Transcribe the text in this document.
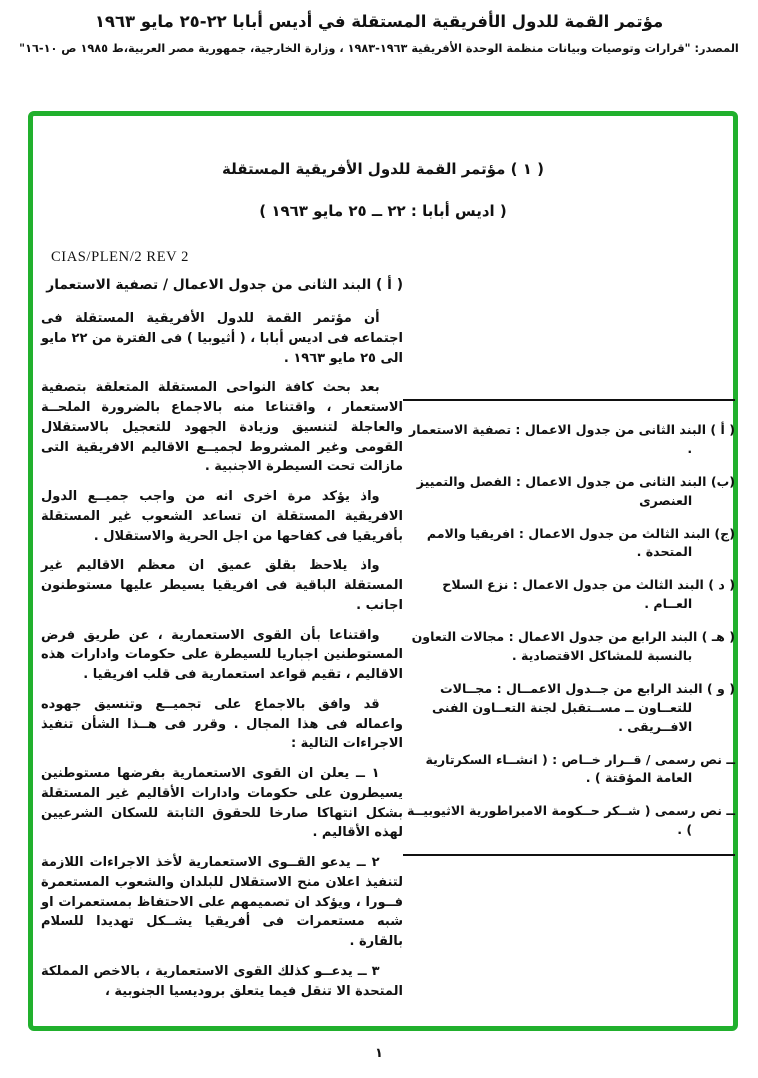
مؤتمر القمة للدول الأفريقية المستقلة في أديس أبابا ٢٢-٢٥ مايو ١٩٦٣
المصدر: "قرارات وتوصيات وبيانات منظمة الوحدة الأفريقية ١٩٦٣-١٩٨٣ ، وزارة الخارجية، جمهورية مصر العربية،ط ١٩٨٥ ص ١٠-١٦"
( ١ ) مؤتمر القمة للدول الأفريقية المستقلة
( اديس أبابا : ٢٢ ــ ٢٥ مايو ١٩٦٣ )
CIAS/PLEN/2 REV 2
( أ ) البند الثانى من جدول الاعمال / تصفية الاستعمار
أن مؤتمر القمة للدول الأفريقية المستقلة فى اجتماعه فى اديس أبابا ، ( أثيوبيا ) فى الفترة من ٢٢ مايو الى ٢٥ مايو ١٩٦٣ .
بعد بحث كافة النواحى المستقلة المتعلقة بتصفية الاستعمار ، واقتناعا منه بالاجماع بالضرورة الملحــة والعاجلة لتنسيق وزيادة الجهود للتعجيل بالاستقلال القومى وغير المشروط لجميــع الاقاليم الافريقية التى مازالت تحت السيطرة الاجنبية .
واذ يؤكد مرة اخرى انه من واجب جميــع الدول الافريقية المستقلة ان تساعد الشعوب غير المستقلة بأفريقيا فى كفاحها من اجل الحرية والاستقلال .
واذ يلاحظ بقلق عميق ان معظم الاقاليم غير المستقلة الباقية فى افريقيا يسيطر عليها مستوطنون اجانب .
واقتناعا بأن القوى الاستعمارية ، عن طريق فرض المستوطنين اجباريا للسيطرة على حكومات وادارات هذه الاقاليم ، تقيم قواعد استعمارية فى قلب افريقيا .
قد وافق بالاجماع على تجميــع وتنسيق جهوده واعماله فى هذا المجال . وقرر فى هــذا الشأن تنفيذ الاجراءات التالية :
١ ــ يعلن ان القوى الاستعمارية بفرضها مستوطنين يسيطرون على حكومات وادارات الأقاليم غير المستقلة بشكل انتهاكا صارخا للحقوق الثابتة للسكان الشرعيين لهذه الأقاليم .
٢ ــ يدعو القــوى الاستعمارية لأخذ الاجراءات اللازمة لتنفيذ اعلان منح الاستقلال للبلدان والشعوب المستعمرة فــورا ، ويؤكد ان تصميمهم على الاحتفاظ بمستعمرات او شبه مستعمرات فى أفريقيا يشــكل تهديدا للسلام بالقارة .
٣ ــ يدعــو كذلك القوى الاستعمارية ، بالاخص المملكة المتحدة الا تنقل فيما يتعلق بروديسيا الجنوبية ،
( أ ) البند الثانى من جدول الاعمال : تصفية الاستعمار .
(ب) البند الثانى من جدول الاعمال : الفصل والتمييز العنصرى
(ج) البند الثالث من جدول الاعمال : افريقيا والامم المتحدة .
( د ) البند الثالث من جدول الاعمال : نزع السلاح العــام .
( هـ ) البند الرابع من جدول الاعمال : مجالات التعاون بالنسبة للمشاكل الاقتصادية .
( و ) البند الرابع من جــدول الاعمــال : مجــالات للتعــاون ــ مســتقبل لجنة التعــاون الفنى الافــريقى .
ــ نص رسمى / قــرار خــاص : ( انشــاء السكرتارية العامة المؤقتة ) .
ــ نص رسمى ( شــكر حــكومة الامبراطورية الاثيوبيــة ) .
١
